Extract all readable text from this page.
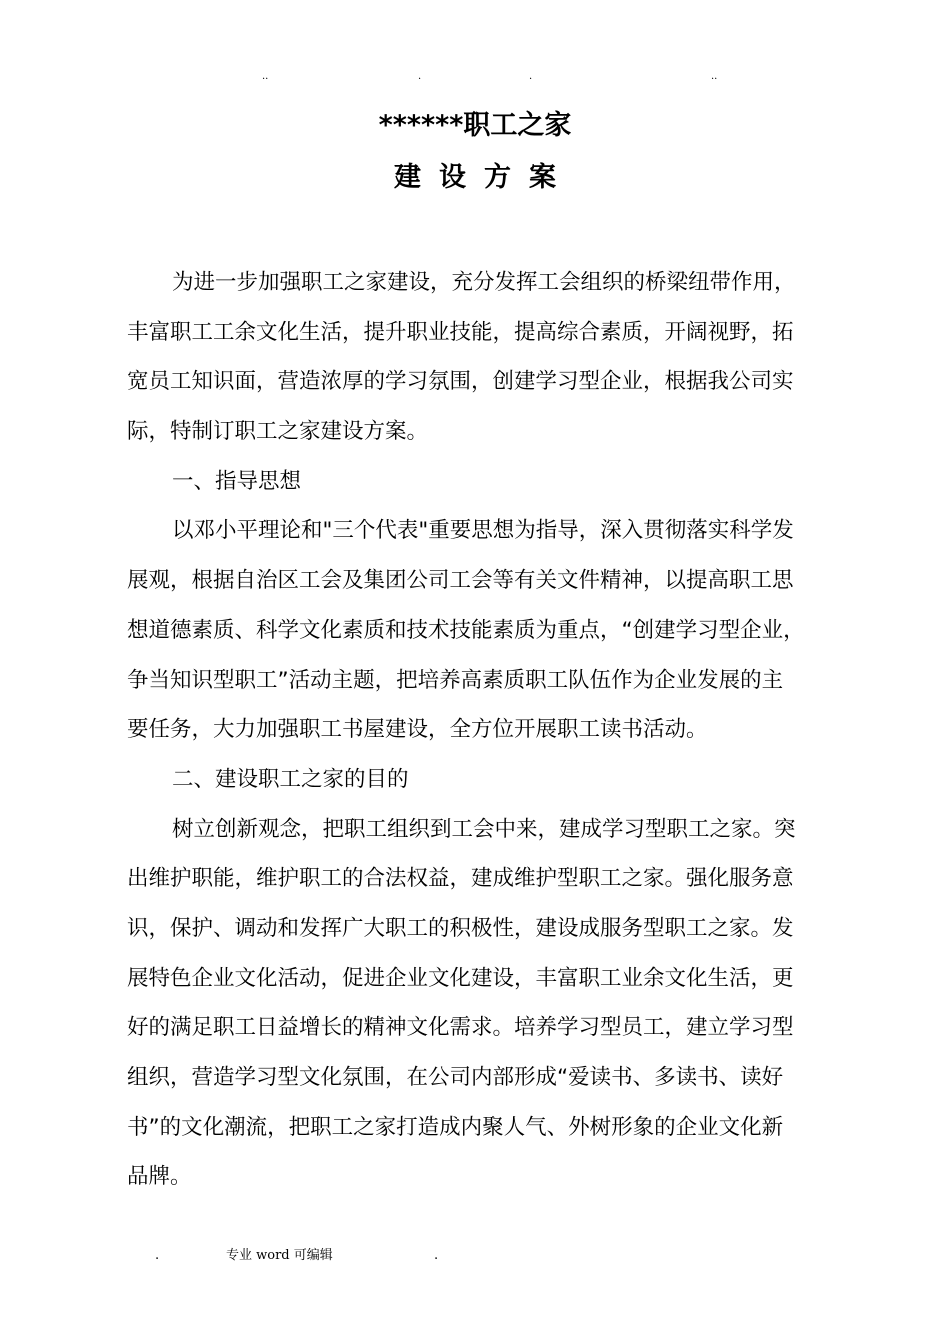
..	.	.	..
******职工之家
建设方案
为进一步加强职工之家建设，充分发挥工会组织的桥梁纽带作用，
丰富职工工余文化生活，提升职业技能，提高综合素质，开阔视野，拓
宽员工知识面，营造浓厚的学习氛围，创建学习型企业，根据我公司实
际，特制订职工之家建设方案。
一、指导思想
以邓小平理论和"三个代表"重要思想为指导，深入贯彻落实科学发
展观，根据自治区工会及集团公司工会等有关文件精神，以提高职工思
想道德素质、科学文化素质和技术技能素质为重点，“创建学习型企业，
争当知识型职工”活动主题，把培养高素质职工队伍作为企业发展的主
要任务，大力加强职工书屋建设，全方位开展职工读书活动。
二、建设职工之家的目的
树立创新观念，把职工组织到工会中来，建成学习型职工之家。突
出维护职能，维护职工的合法权益，建成维护型职工之家。强化服务意
识，保护、调动和发挥广大职工的积极性，建设成服务型职工之家。发
展特色企业文化活动，促进企业文化建设，丰富职工业余文化生活，更
好的满足职工日益增长的精神文化需求。培养学习型员工，建立学习型
组织，营造学习型文化氛围，在公司内部形成“爱读书、多读书、读好
书”的文化潮流，把职工之家打造成内聚人气、外树形象的企业文化新
品牌。
.	专业 word 可编辑	.
